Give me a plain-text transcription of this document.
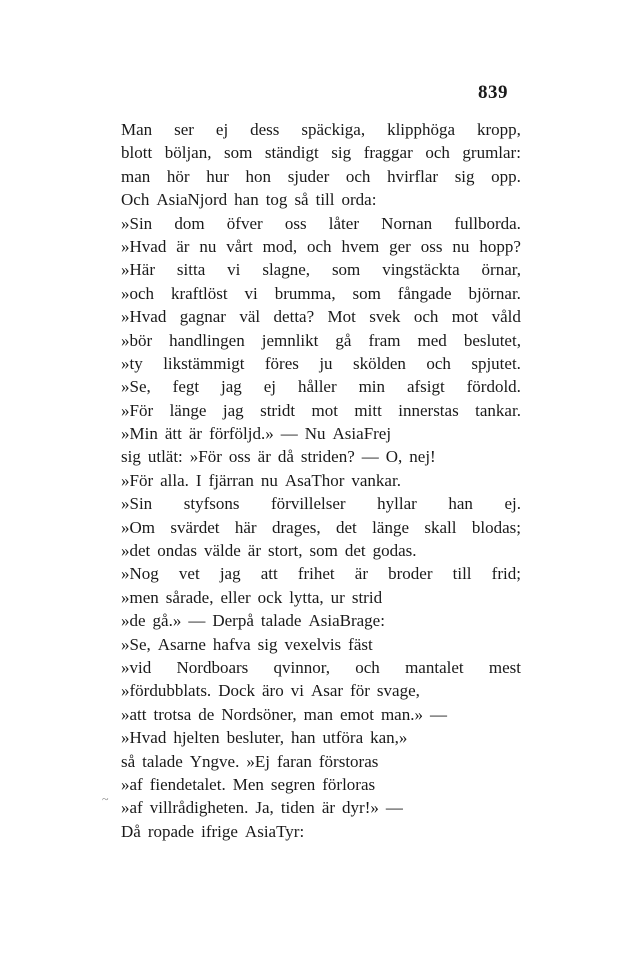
839
~
Man ser ej dess späckiga, klipphöga kropp,
blott böljan, som ständigt sig fraggar och grumlar:
man hör hur hon sjuder och hvirflar sig opp.
Och AsiaNjord han tog så till orda:
»Sin dom öfver oss låter Nornan fullborda.
»Hvad är nu vårt mod, och hvem ger oss nu hopp?
»Här sitta vi slagne, som vingstäckta örnar,
»och kraftlöst vi brumma, som fångade björnar.
»Hvad gagnar väl detta? Mot svek och mot våld
»bör handlingen jemnlikt gå fram med beslutet,
»ty likstämmigt föres ju skölden och spjutet.
»Se, fegt jag ej håller min afsigt fördold.
»För länge jag stridt mot mitt innerstas tankar.
»Min ätt är förföljd.» — Nu AsiaFrej
sig utlät: »För oss är då striden? — O, nej!
»För alla. I fjärran nu AsaThor vankar.
»Sin styfsons förvillelser hyllar han ej.
»Om svärdet här drages, det länge skall blodas;
»det ondas välde är stort, som det godas.
»Nog vet jag att frihet är broder till frid;
»men sårade, eller ock lytta, ur strid
»de gå.» — Derpå talade AsiaBrage:
»Se, Asarne hafva sig vexelvis fäst
»vid Nordboars qvinnor, och mantalet mest
»fördubblats. Dock äro vi Asar för svage,
»att trotsa de Nordsöner, man emot man.» —
»Hvad hjelten besluter, han utföra kan,»
så talade Yngve. »Ej faran förstoras
»af fiendetalet. Men segren förloras
»af villrådigheten. Ja, tiden är dyr!» —
Då ropade ifrige AsiaTyr:
